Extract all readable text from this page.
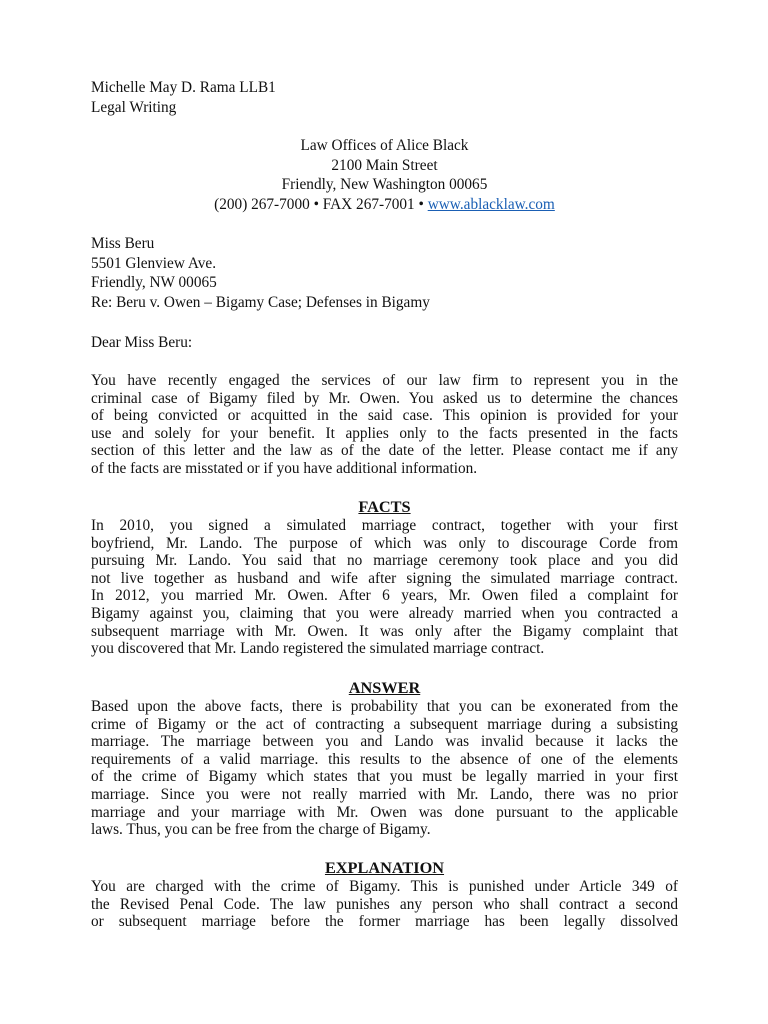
Michelle May D. Rama LLB1
Legal Writing
Law Offices of Alice Black
2100 Main Street
Friendly, New Washington 00065
(200) 267-7000 • FAX 267-7001 • www.ablacklaw.com
Miss Beru
5501 Glenview Ave.
Friendly, NW 00065
Re: Beru v. Owen – Bigamy Case; Defenses in Bigamy
Dear Miss Beru:
You have recently engaged the services of our law firm to represent you in the
criminal case of Bigamy filed by Mr. Owen. You asked us to determine the chances
of being convicted or acquitted in the said case. This opinion is provided for your
use and solely for your benefit. It applies only to the facts presented in the facts
section of this letter and the law as of the date of the letter. Please contact me if any
of the facts are misstated or if you have additional information.
FACTS
In 2010, you signed a simulated marriage contract, together with your first
boyfriend, Mr. Lando. The purpose of which was only to discourage Corde from
pursuing Mr. Lando. You said that no marriage ceremony took place and you did
not live together as husband and wife after signing the simulated marriage contract.
In 2012, you married Mr. Owen. After 6 years, Mr. Owen filed a complaint for
Bigamy against you, claiming that you were already married when you contracted a
subsequent marriage with Mr. Owen. It was only after the Bigamy complaint that
you discovered that Mr. Lando registered the simulated marriage contract.
ANSWER
Based upon the above facts, there is probability that you can be exonerated from the
crime of Bigamy or the act of contracting a subsequent marriage during a subsisting
marriage. The marriage between you and Lando was invalid because it lacks the
requirements of a valid marriage. this results to the absence of one of the elements
of the crime of Bigamy which states that you must be legally married in your first
marriage. Since you were not really married with Mr. Lando, there was no prior
marriage and your marriage with Mr. Owen was done pursuant to the applicable
laws. Thus, you can be free from the charge of Bigamy.
EXPLANATION
You are charged with the crime of Bigamy. This is punished under Article 349 of
the Revised Penal Code. The law punishes any person who shall contract a second
or subsequent marriage before the former marriage has been legally dissolved
